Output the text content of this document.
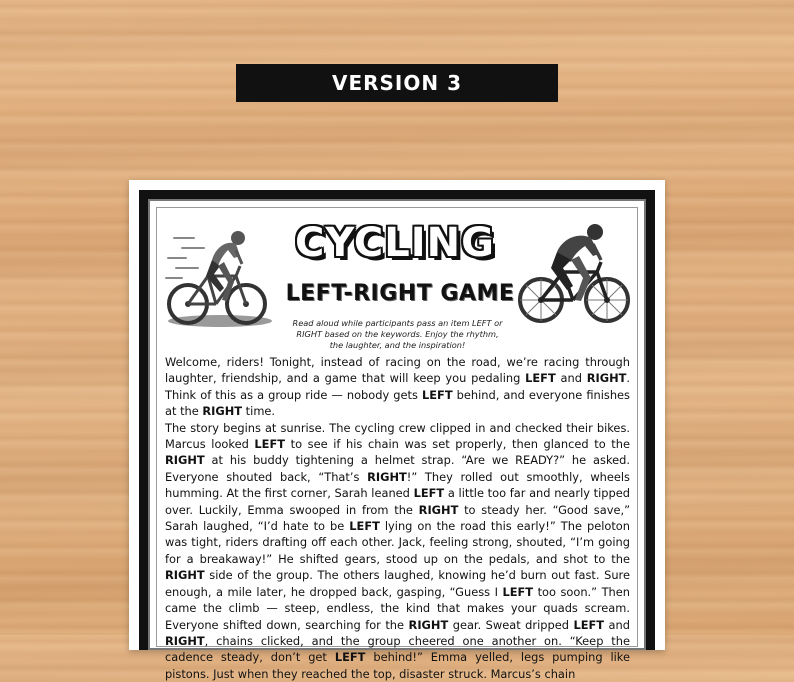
VERSION 3
CYCLING
LEFT-RIGHT GAME
Read aloud while participants pass an item LEFT or RIGHT based on the keywords. Enjoy the rhythm, the laughter, and the inspiration!

Welcome, riders! Tonight, instead of racing on the road, we’re racing through laughter, friendship, and a game that will keep you pedaling LEFT and RIGHT. Think of this as a group ride — nobody gets LEFT behind, and everyone finishes at the RIGHT time.

The story begins at sunrise. The cycling crew clipped in and checked their bikes. Marcus looked LEFT to see if his chain was set properly, then glanced to the RIGHT at his buddy tightening a helmet strap. “Are we READY?” he asked. Everyone shouted back, “That’s RIGHT!” They rolled out smoothly, wheels humming. At the first corner, Sarah leaned LEFT a little too far and nearly tipped over. Luckily, Emma swooped in from the RIGHT to steady her. “Good save,” Sarah laughed, “I’d hate to be LEFT lying on the road this early!” The peloton was tight, riders drafting off each other. Jack, feeling strong, shouted, “I’m going for a breakaway!” He shifted gears, stood up on the pedals, and shot to the RIGHT side of the group. The others laughed, knowing he’d burn out fast. Sure enough, a mile later, he dropped back, gasping, “Guess I LEFT too soon.” Then came the climb — steep, endless, the kind that makes your quads scream. Everyone shifted down, searching for the RIGHT gear. Sweat dripped LEFT and RIGHT, chains clicked, and the group cheered one another on. “Keep the cadence steady, don’t get LEFT behind!” Emma yelled, legs pumping like pistons. Just when they reached the top, disaster struck. Marcus’s chain
